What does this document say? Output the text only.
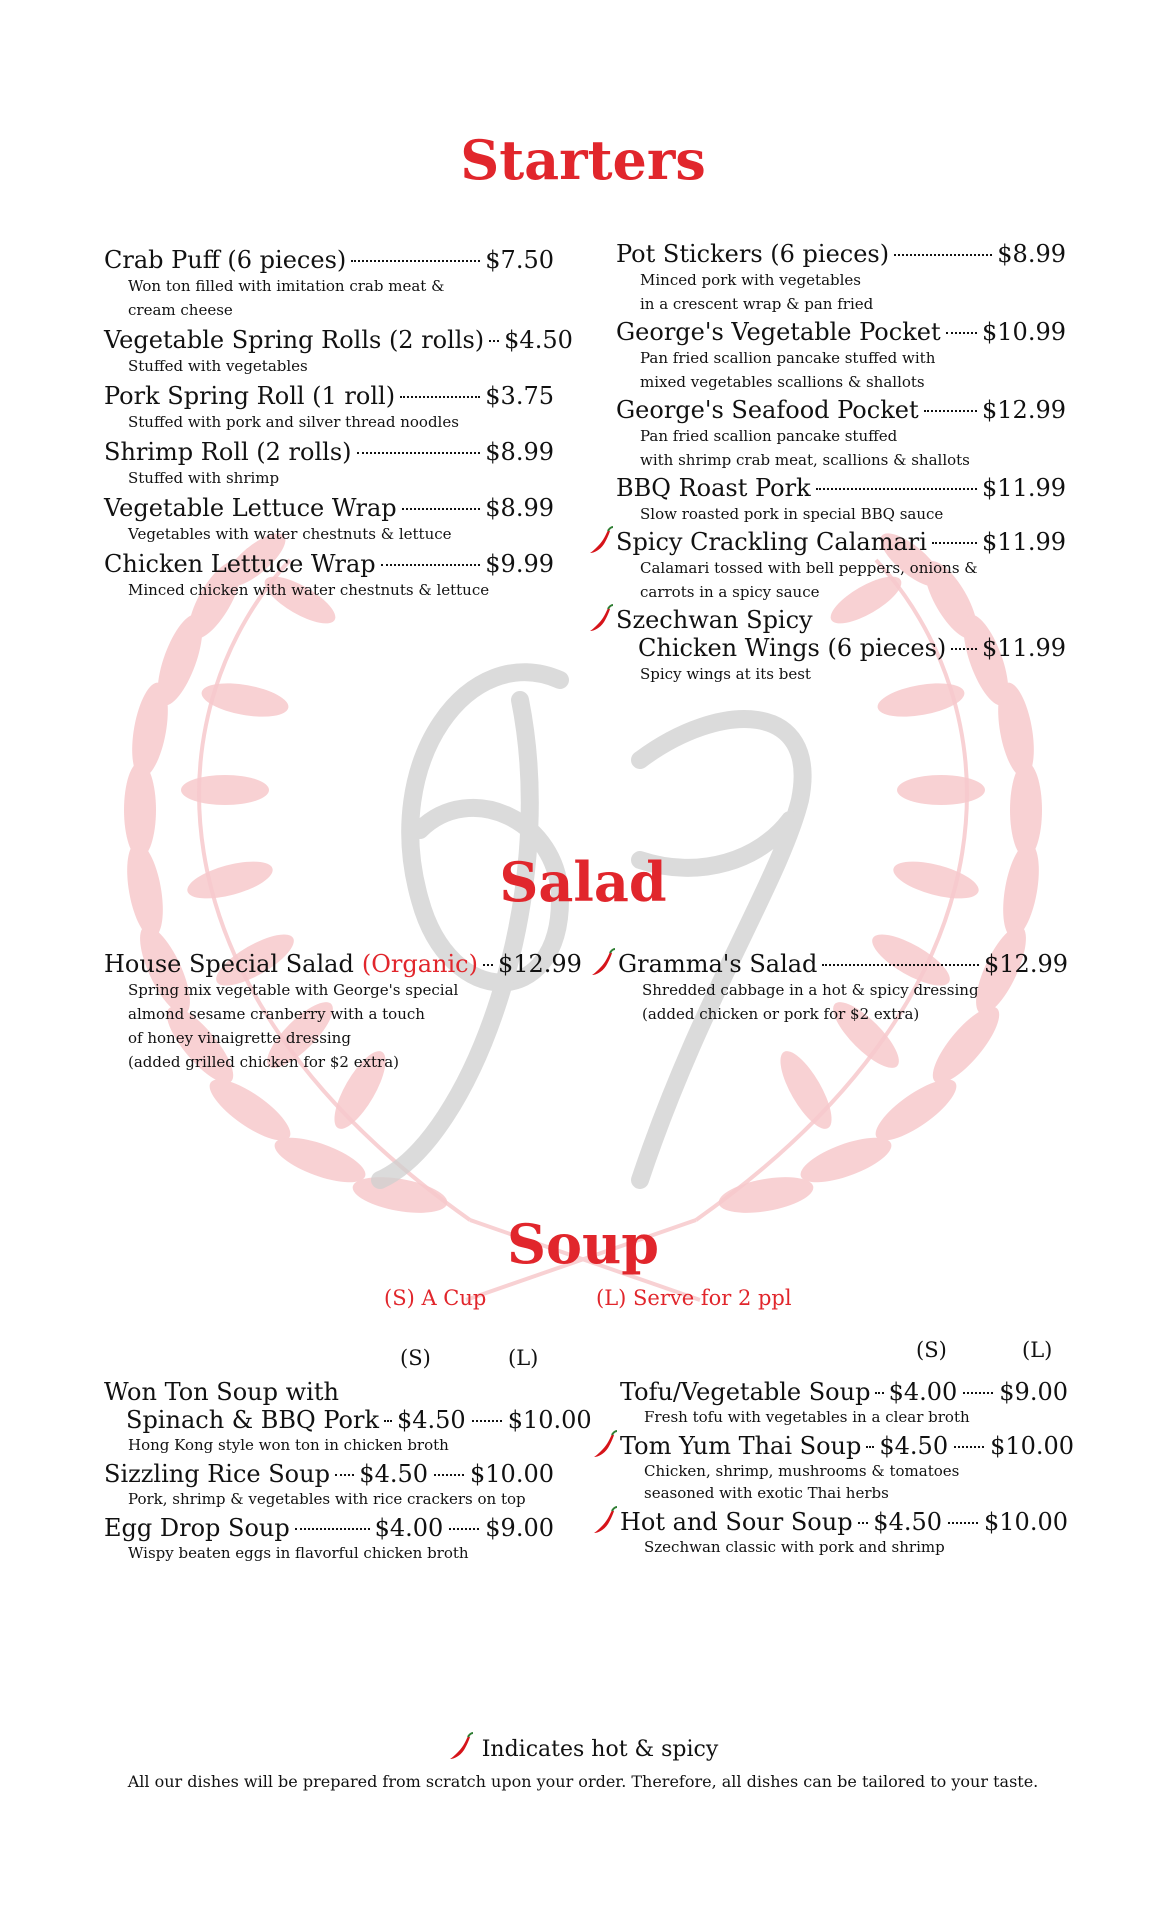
Starters
Crab Puff (6 pieces)	$7.50
Won ton filled with imitation crab meat &
cream cheese
Vegetable Spring Rolls (2 rolls) $4.50
Stuffed with vegetables
Pork Spring Roll (1 roll)	$3.75
Stuffed with pork and silver thread noodles
Shrimp Roll (2 rolls)	$8.99
Stuffed with shrimp
Vegetable Lettuce Wrap	$8.99
Vegetables with water chestnuts & lettuce
Chicken Lettuce Wrap	$9.99
Minced chicken with water chestnuts & lettuce
Pot Stickers (6 pieces)	$8.99
Minced pork with vegetables
in a crescent wrap & pan fried
George's Vegetable Pocket $10.99
Pan fried scallion pancake stuffed with
mixed vegetables scallions & shallots
George's Seafood Pocket	$12.99
Pan fried scallion pancake stuffed
with shrimp crab meat, scallions & shallots
BBQ Roast Pork	$11.99
Slow roasted pork in special BBQ sauce
Spicy Crackling Calamari $11.99
Calamari tossed with bell peppers, onions &
carrots in a spicy sauce
Szechwan Spicy
Chicken Wings (6 pieces) $11.99
Spicy wings at its best
Salad
House Special Salad (Organic) $12.99
Spring mix vegetable with George's special
almond sesame cranberry with a touch
of honey vinaigrette dressing
(added grilled chicken for $2 extra)
Gramma's Salad	$12.99
Shredded cabbage in a hot & spicy dressing
(added chicken or pork for $2 extra)
Soup
(S) A Cup	(L) Serve for 2 ppl
(S)	(L)	(S)	(L)
Won Ton Soup with
Spinach & BBQ Pork $4.50 $10.00
Hong Kong style won ton in chicken broth
Sizzling Rice Soup $4.50 $10.00
Pork, shrimp & vegetables with rice crackers on top
Egg Drop Soup	$4.00 $9.00
Wispy beaten eggs in flavorful chicken broth
Tofu/Vegetable Soup $4.00 $9.00
Fresh tofu with vegetables in a clear broth
Tom Yum Thai Soup $4.50 $10.00
Chicken, shrimp, mushrooms & tomatoes
seasoned with exotic Thai herbs
Hot and Sour Soup $4.50 $10.00
Szechwan classic with pork and shrimp
Indicates hot & spicy
All our dishes will be prepared from scratch upon your order. Therefore, all dishes can be tailored to your taste.
